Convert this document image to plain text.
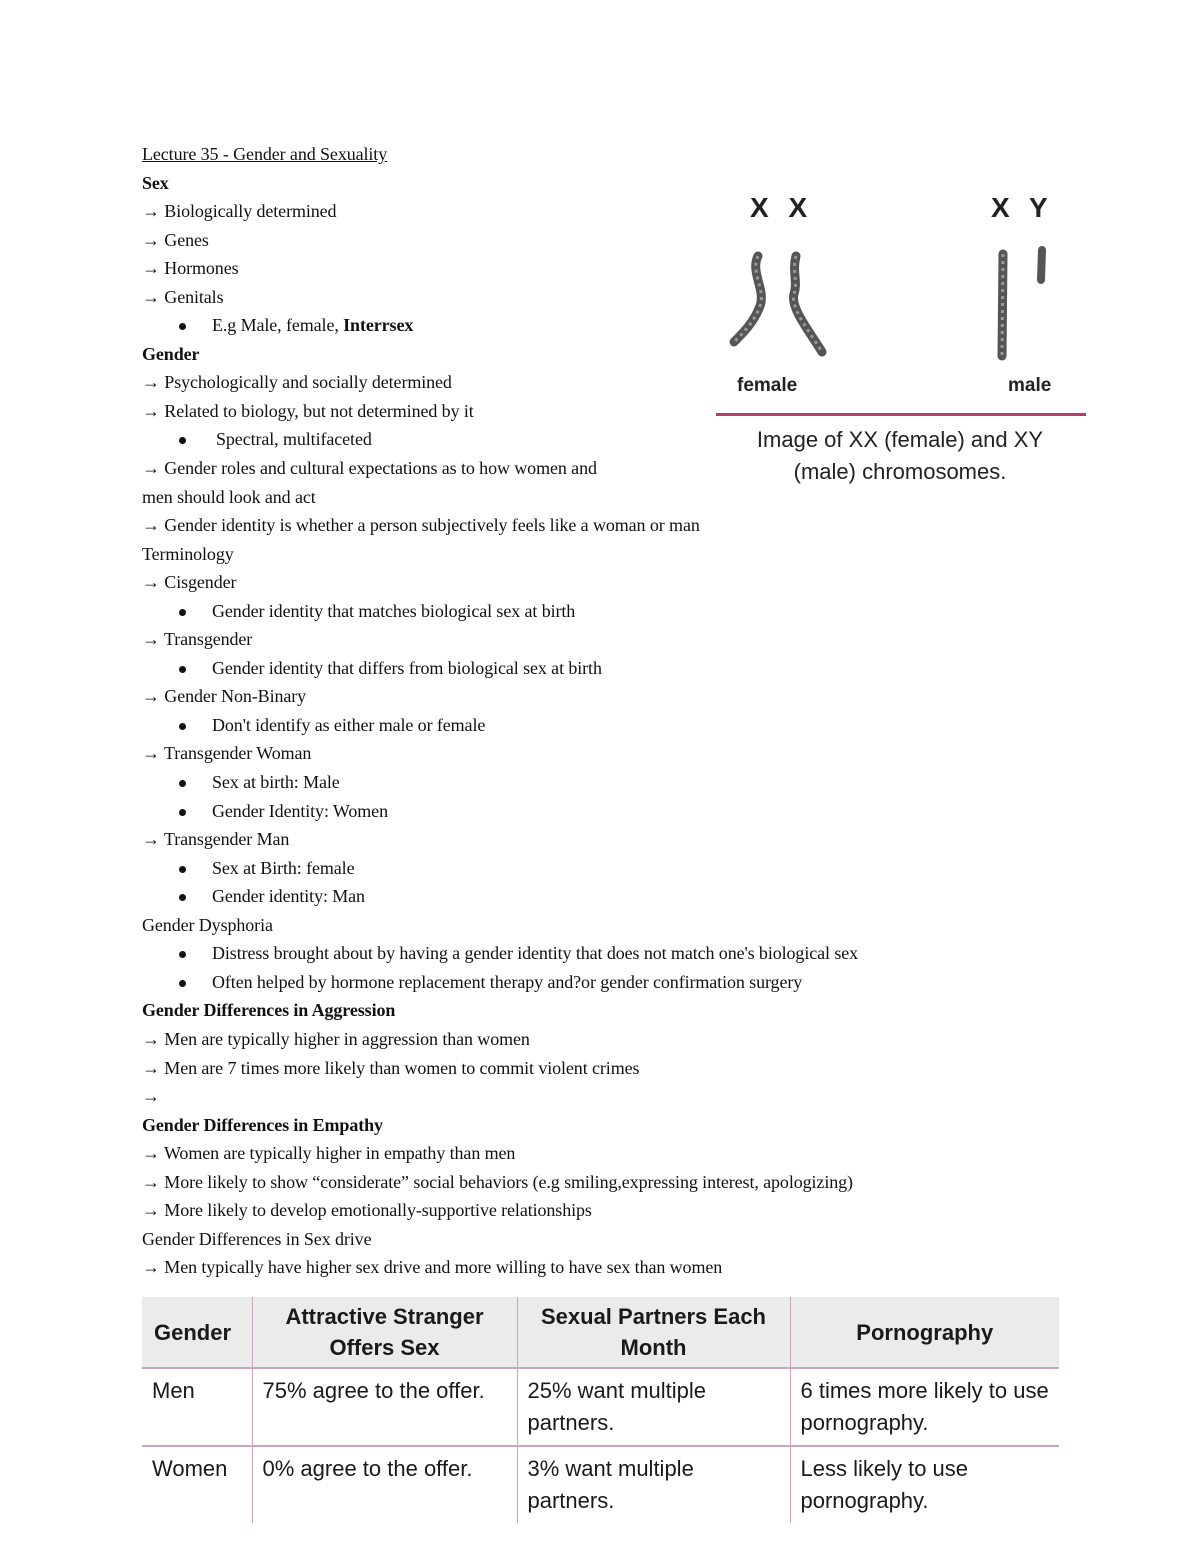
Lecture 35 - Gender and Sexuality
Sex
→ Biologically determined
→ Genes
→ Hormones
→ Genitals
E.g Male, female, Interrsex
Gender
→ Psychologically and socially determined
→ Related to biology, but not determined by it
Spectral, multifaceted
→ Gender roles and cultural expectations as to how women and
men should look and act
→ Gender identity is whether a person subjectively feels like a woman or man
Terminology
→ Cisgender
Gender identity that matches biological sex at birth
→ Transgender
Gender identity that differs from biological sex at birth
→ Gender Non-Binary
Don't identify as either male or female
→ Transgender Woman
Sex at birth: Male
Gender Identity: Women
→ Transgender Man
Sex at Birth: female
Gender identity: Man
Gender Dysphoria
Distress brought about by having a gender identity that does not match one's biological sex
Often helped by hormone replacement therapy and?or gender confirmation surgery
Gender Differences in Aggression
→ Men are typically higher in aggression than women
→ Men are 7 times more likely than women to commit violent crimes
→
Gender Differences in Empathy
→ Women are typically higher in empathy than men
→ More likely to show “considerate” social behaviors (e.g smiling,expressing interest, apologizing)
→ More likely to develop emotionally-supportive relationships
Gender Differences in Sex drive
→ Men typically have higher sex drive and more willing to have sex than women
X X	X Y
female	male
Image of XX (female) and XY
(male) chromosomes.
Gender	Attractive Stranger Offers Sex	Sexual Partners Each Month	Pornography
Men	75% agree to the offer.	25% want multiple partners.	6 times more likely to use pornography.
Women	0% agree to the offer.	3% want multiple partners.	Less likely to use pornography.
